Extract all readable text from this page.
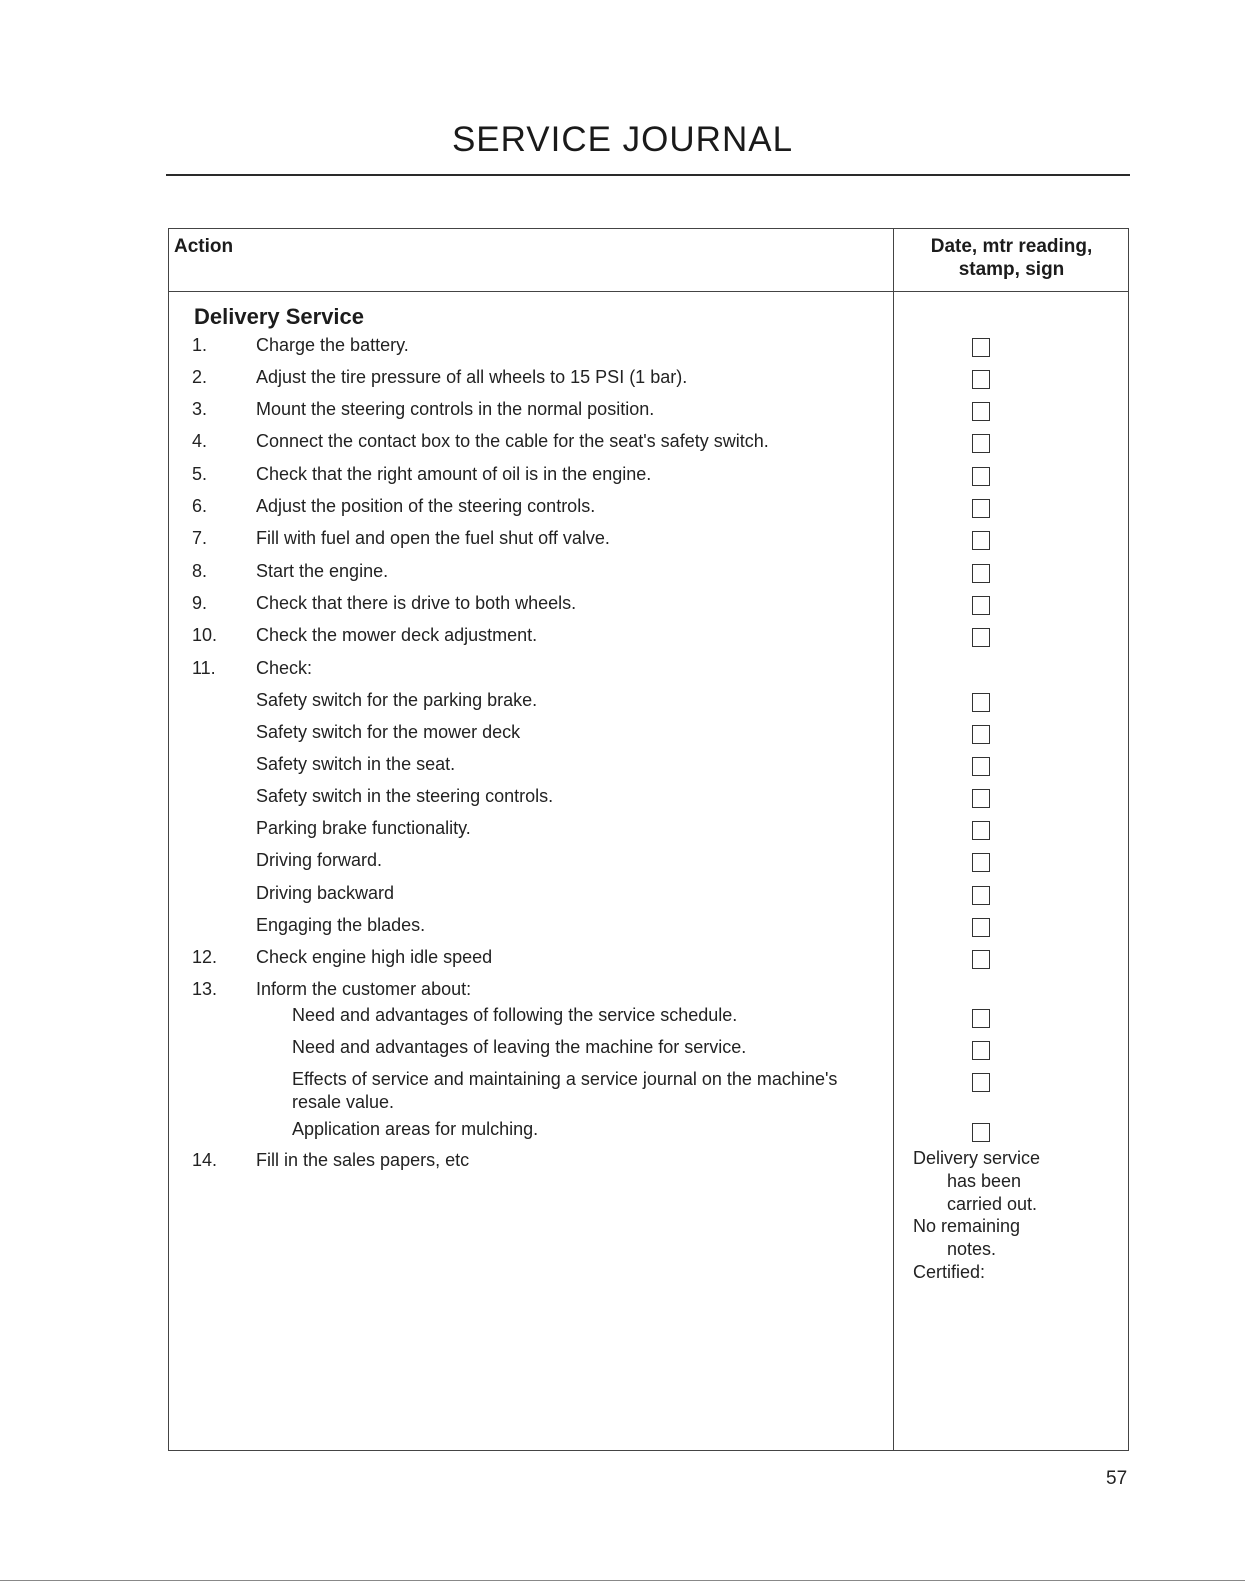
SERVICE JOURNAL
Action	Date, mtr reading,
stamp, sign
Delivery Service
1.	Charge the battery.
2.	Adjust the tire pressure of all wheels to 15 PSI (1 bar).
3.	Mount the steering controls in the normal position.
4.	Connect the contact box to the cable for the seat's safety switch.
5.	Check that the right amount of oil is in the engine.
6.	Adjust the position of the steering controls.
7.	Fill with fuel and open the fuel shut off valve.
8.	Start the engine.
9.	Check that there is drive to both wheels.
10. Check the mower deck adjustment.
11. Check:
Safety switch for the parking brake.
Safety switch for the mower deck
Safety switch in the seat.
Safety switch in the steering controls.
Parking brake functionality.
Driving forward.
Driving backward
Engaging the blades.
12. Check engine high idle speed
13. Inform the customer about:
Need and advantages of following the service schedule.
Need and advantages of leaving the machine for service.
Effects of service and maintaining a service journal on the machine's resale value.
Application areas for mulching.
14. Fill in the sales papers, etc	Delivery service
has been
carried out.
No remaining
notes.
Certified:
57
